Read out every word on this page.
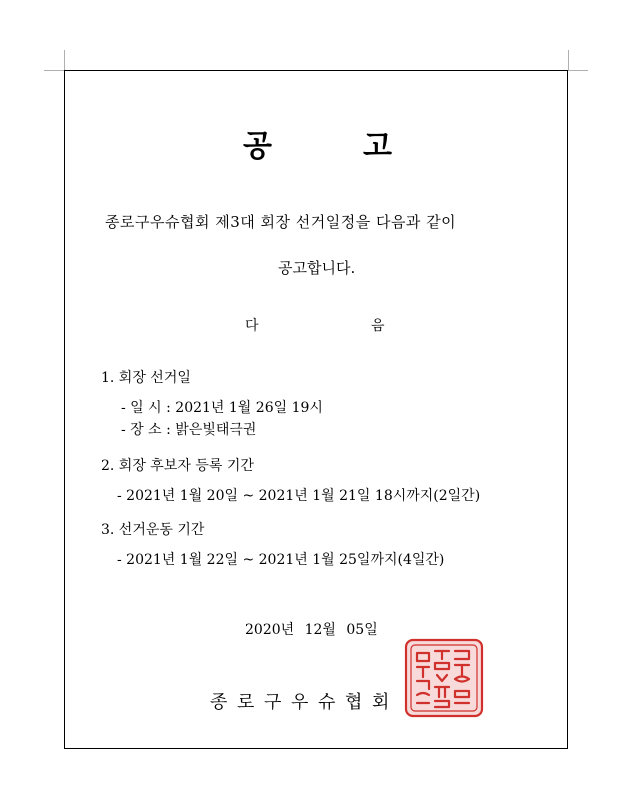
공	고
종로구우슈협회 제3대 회장 선거일정을 다음과 같이
공고합니다.
다	음
1. 회장 선거일
- 일 시 : 2021년 1월 26일 19시
- 장 소 : 밝은빛태극권
2. 회장 후보자 등록 기간
- 2021년 1월 20일 ~ 2021년 1월 21일 18시까지(2일간)
3. 선거운동 기간
- 2021년 1월 22일 ~ 2021년 1월 25일까지(4일간)
2020년 12월 05일
종 로 구 우 슈 협 회
